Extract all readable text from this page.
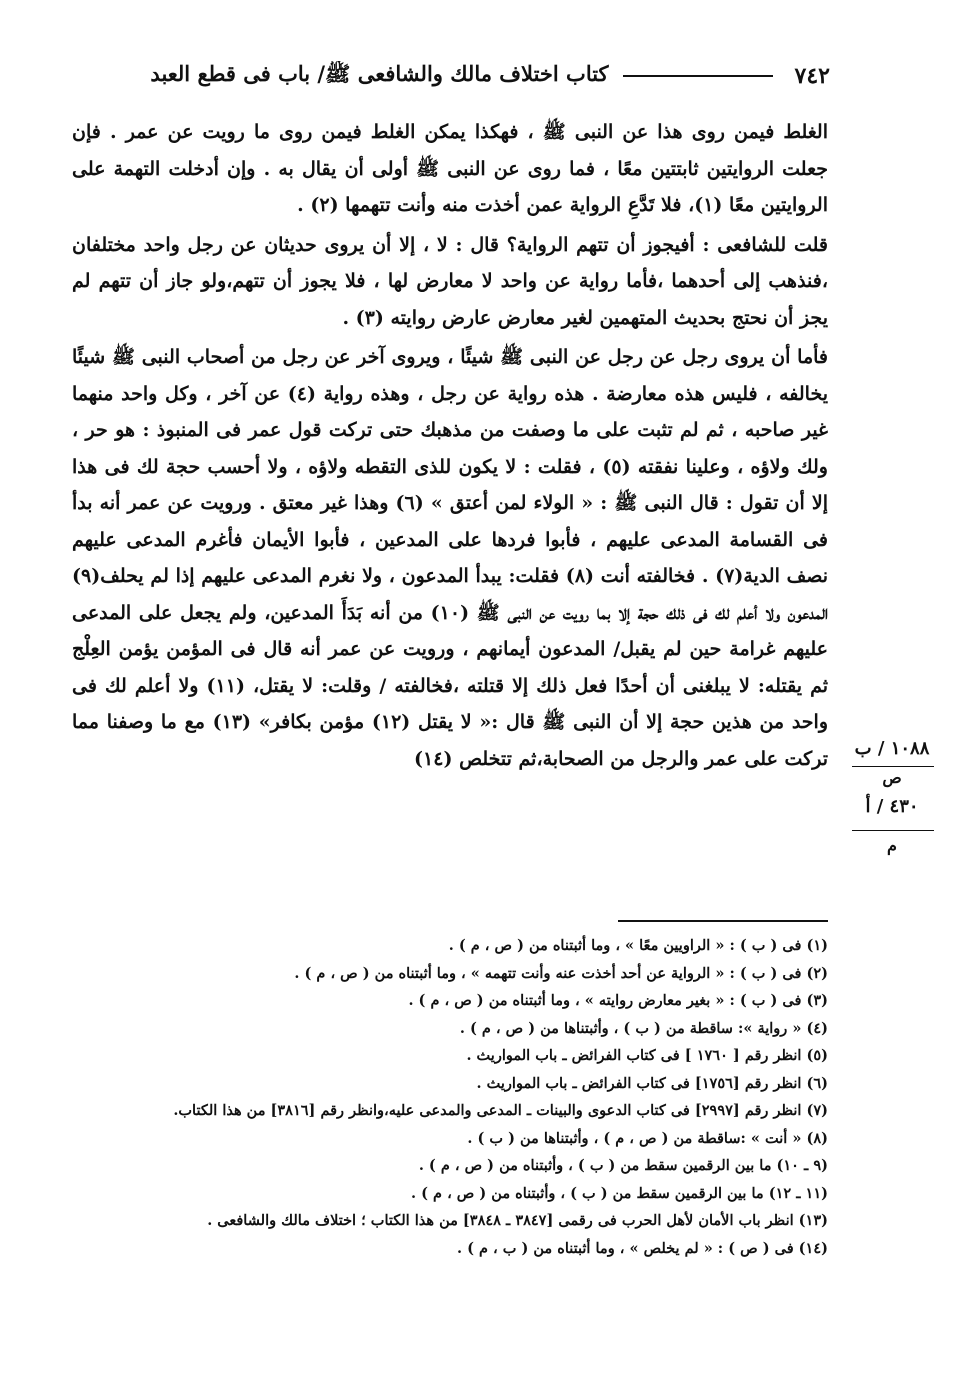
٧٤٢
كتاب اختلاف مالك والشافعى ﷺ/ باب فى قطع العبد

الغلط فيمن روى هذا عن النبى ﷺ ، فهكذا يمكن الغلط فيمن روى ما رويت عن عمر . فإن جعلت الروايتين ثابتتين معًا ، فما روى عن النبى ﷺ أولى أن يقال به . وإن أدخلت التهمة على الروايتين معًا (١)، فلا تَدَّعِ الرواية عمن أخذت منه وأنت تتهمها (٢) .

قلت للشافعى : أفيجوز أن تتهم الرواية؟ قال : لا ، إلا أن يروى حديثان عن رجل واحد مختلفان ،فنذهب إلى أحدهما ،فأما رواية عن واحد لا معارض لها ، فلا يجوز أن تتهم،ولو جاز أن تتهم لم يجز أن نحتج بحديث المتهمين لغير معارض عارض روايته (٣) .

فأما أن يروى رجل عن رجل عن النبى ﷺ شيئًا ، ويروى آخر عن رجل من أصحاب النبى ﷺ شيئًا يخالفه ، فليس هذه معارضة . هذه رواية عن رجل ، وهذه رواية (٤) عن آخر ، وكل واحد منهما غير صاحبه ، ثم لم تثبت على ما وصفت من مذهبك حتى تركت قول عمر فى المنبوذ : هو حر ، ولك ولاؤه ، وعلينا نفقته (٥) ، فقلت : لا يكون للذى التقطه ولاؤه ، ولا أحسب حجة لك فى هذا إلا أن تقول : قال النبى ﷺ : « الولاء لمن أعتق » (٦) وهذا غير معتق . ورويت عن عمر أنه بدأ فى القسامة المدعى عليهم ، فأبوا فردها على المدعين ، فأبوا الأيمان فأغرم المدعى عليهم نصف الدية(٧) . فخالفته أنت (٨) فقلت: يبدأ المدعون ، ولا نغرم المدعى عليهم إذا لم يحلف(٩) المدعون ولا أعلم لك فى ذلك حجة إلا بما رويت عن النبى ﷺ (١٠) من أنه بَدَأَ المدعين، ولم يجعل على المدعى عليهم غرامة حين لم يقبل/ المدعون أيمانهم ، ورويت عن عمر أنه قال فى المؤمن يؤمن العِلْج ثم يقتله: لا يبلغنى أن أحدًا فعل ذلك إلا قتلته ،فخالفته / وقلت: لا يقتل، (١١) ولا أعلم لك فى واحد من هذين حجة إلا أن النبى ﷺ قال :« لا يقتل (١٢) مؤمن بكافر» (١٣) مع ما وصفنا مما تركت على عمر والرجل من الصحابة،ثم تتخلص (١٤)	١٠٨٨ / ب
ص
٤٣٠ / أ
م
(١) فى ( ب ) : « الراويين معًا » ، وما أثبتناه من ( ص ، م ) .
(٢) فى ( ب ) : « الرواية عن أحد أخذت عنه وأنت تتهمه » ، وما أثبتناه من ( ص ، م ) .
(٣) فى ( ب ) : « بغير معارض روايته » ، وما أثبتناه من ( ص ، م ) .
(٤) « رواية »: ساقطة من ( ب ) ، وأثبتناها من ( ص ، م ) .
(٥) انظر رقم [ ١٧٦٠ ] فى كتاب الفرائض ـ باب المواريث .
(٦) انظر رقم [١٧٥٦] فى كتاب الفرائض ـ باب المواريث .
(٧) انظر رقم [٢٩٩٧] فى كتاب الدعوى والبينات ـ المدعى والمدعى عليه،وانظر رقم [٣٨١٦] من هذا الكتاب.
(٨) « أنت » :ساقطة من ( ص ، م ) ، وأثبتناها من ( ب ) .
(٩ ـ ١٠) ما بين الرقمين سقط من ( ب ) ، وأثبتناه من ( ص ، م ) .
(١١ ـ ١٢) ما بين الرقمين سقط من ( ب ) ، وأثبتناه من ( ص ، م ) .
(١٣) انظر باب الأمان لأهل الحرب فى رقمى [٣٨٤٧ ـ ٣٨٤٨] من هذا الكتاب ؛ اختلاف مالك والشافعى .
(١٤) فى ( ص ) : « لم يخلص » ، وما أثبتناه من ( ب ، م ) .
